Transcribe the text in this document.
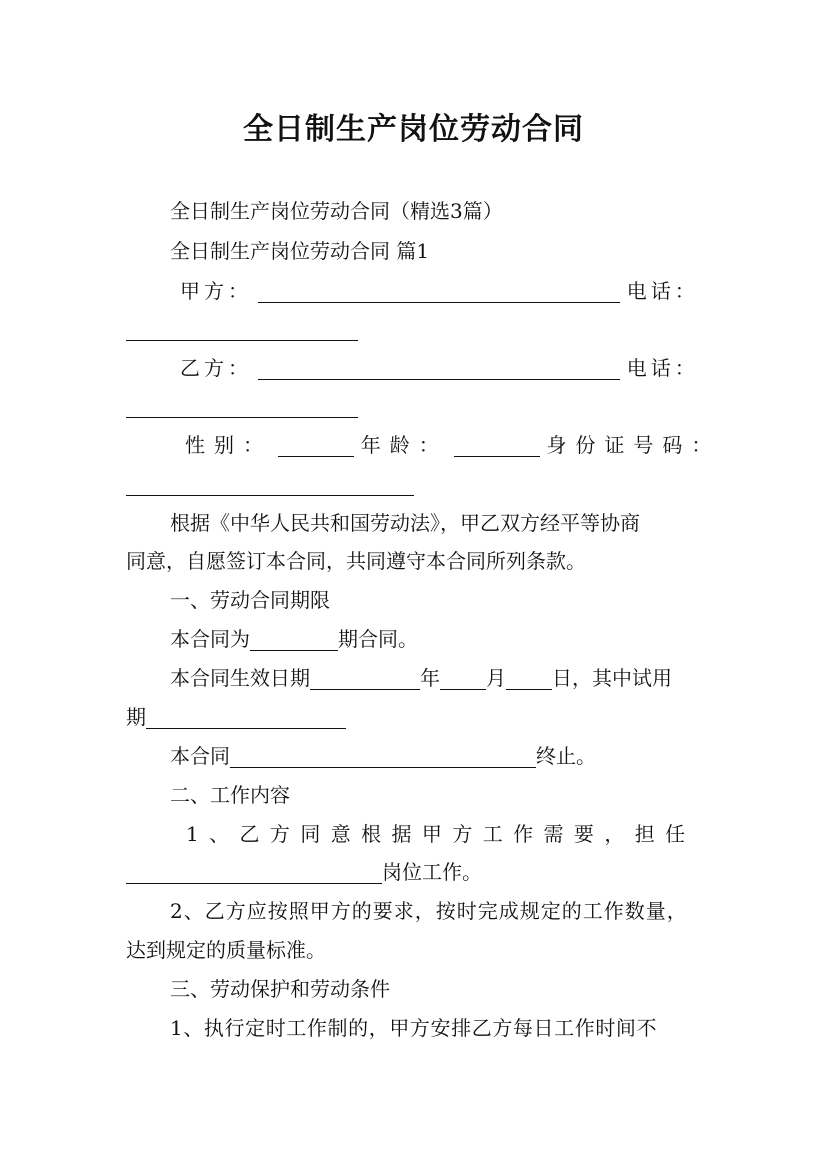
全日制生产岗位劳动合同
全日制生产岗位劳动合同（精选3篇）
全日制生产岗位劳动合同 篇1
甲方：	电话：
乙方：	电话：
性别：	年龄：	身份证号码：
根据《中华人民共和国劳动法》，甲乙双方经平等协商
同意，自愿签订本合同，共同遵守本合同所列条款。
一、劳动合同期限
本合同为	期合同。
本合同生效日期	年 月 日，其中试用
期
本合同	终止。
二、工作内容
1、乙方同意根据甲方工作需要，担任
岗位工作。
2、乙方应按照甲方的要求，按时完成规定的工作数量，
达到规定的质量标准。
三、劳动保护和劳动条件
1、执行定时工作制的，甲方安排乙方每日工作时间不
